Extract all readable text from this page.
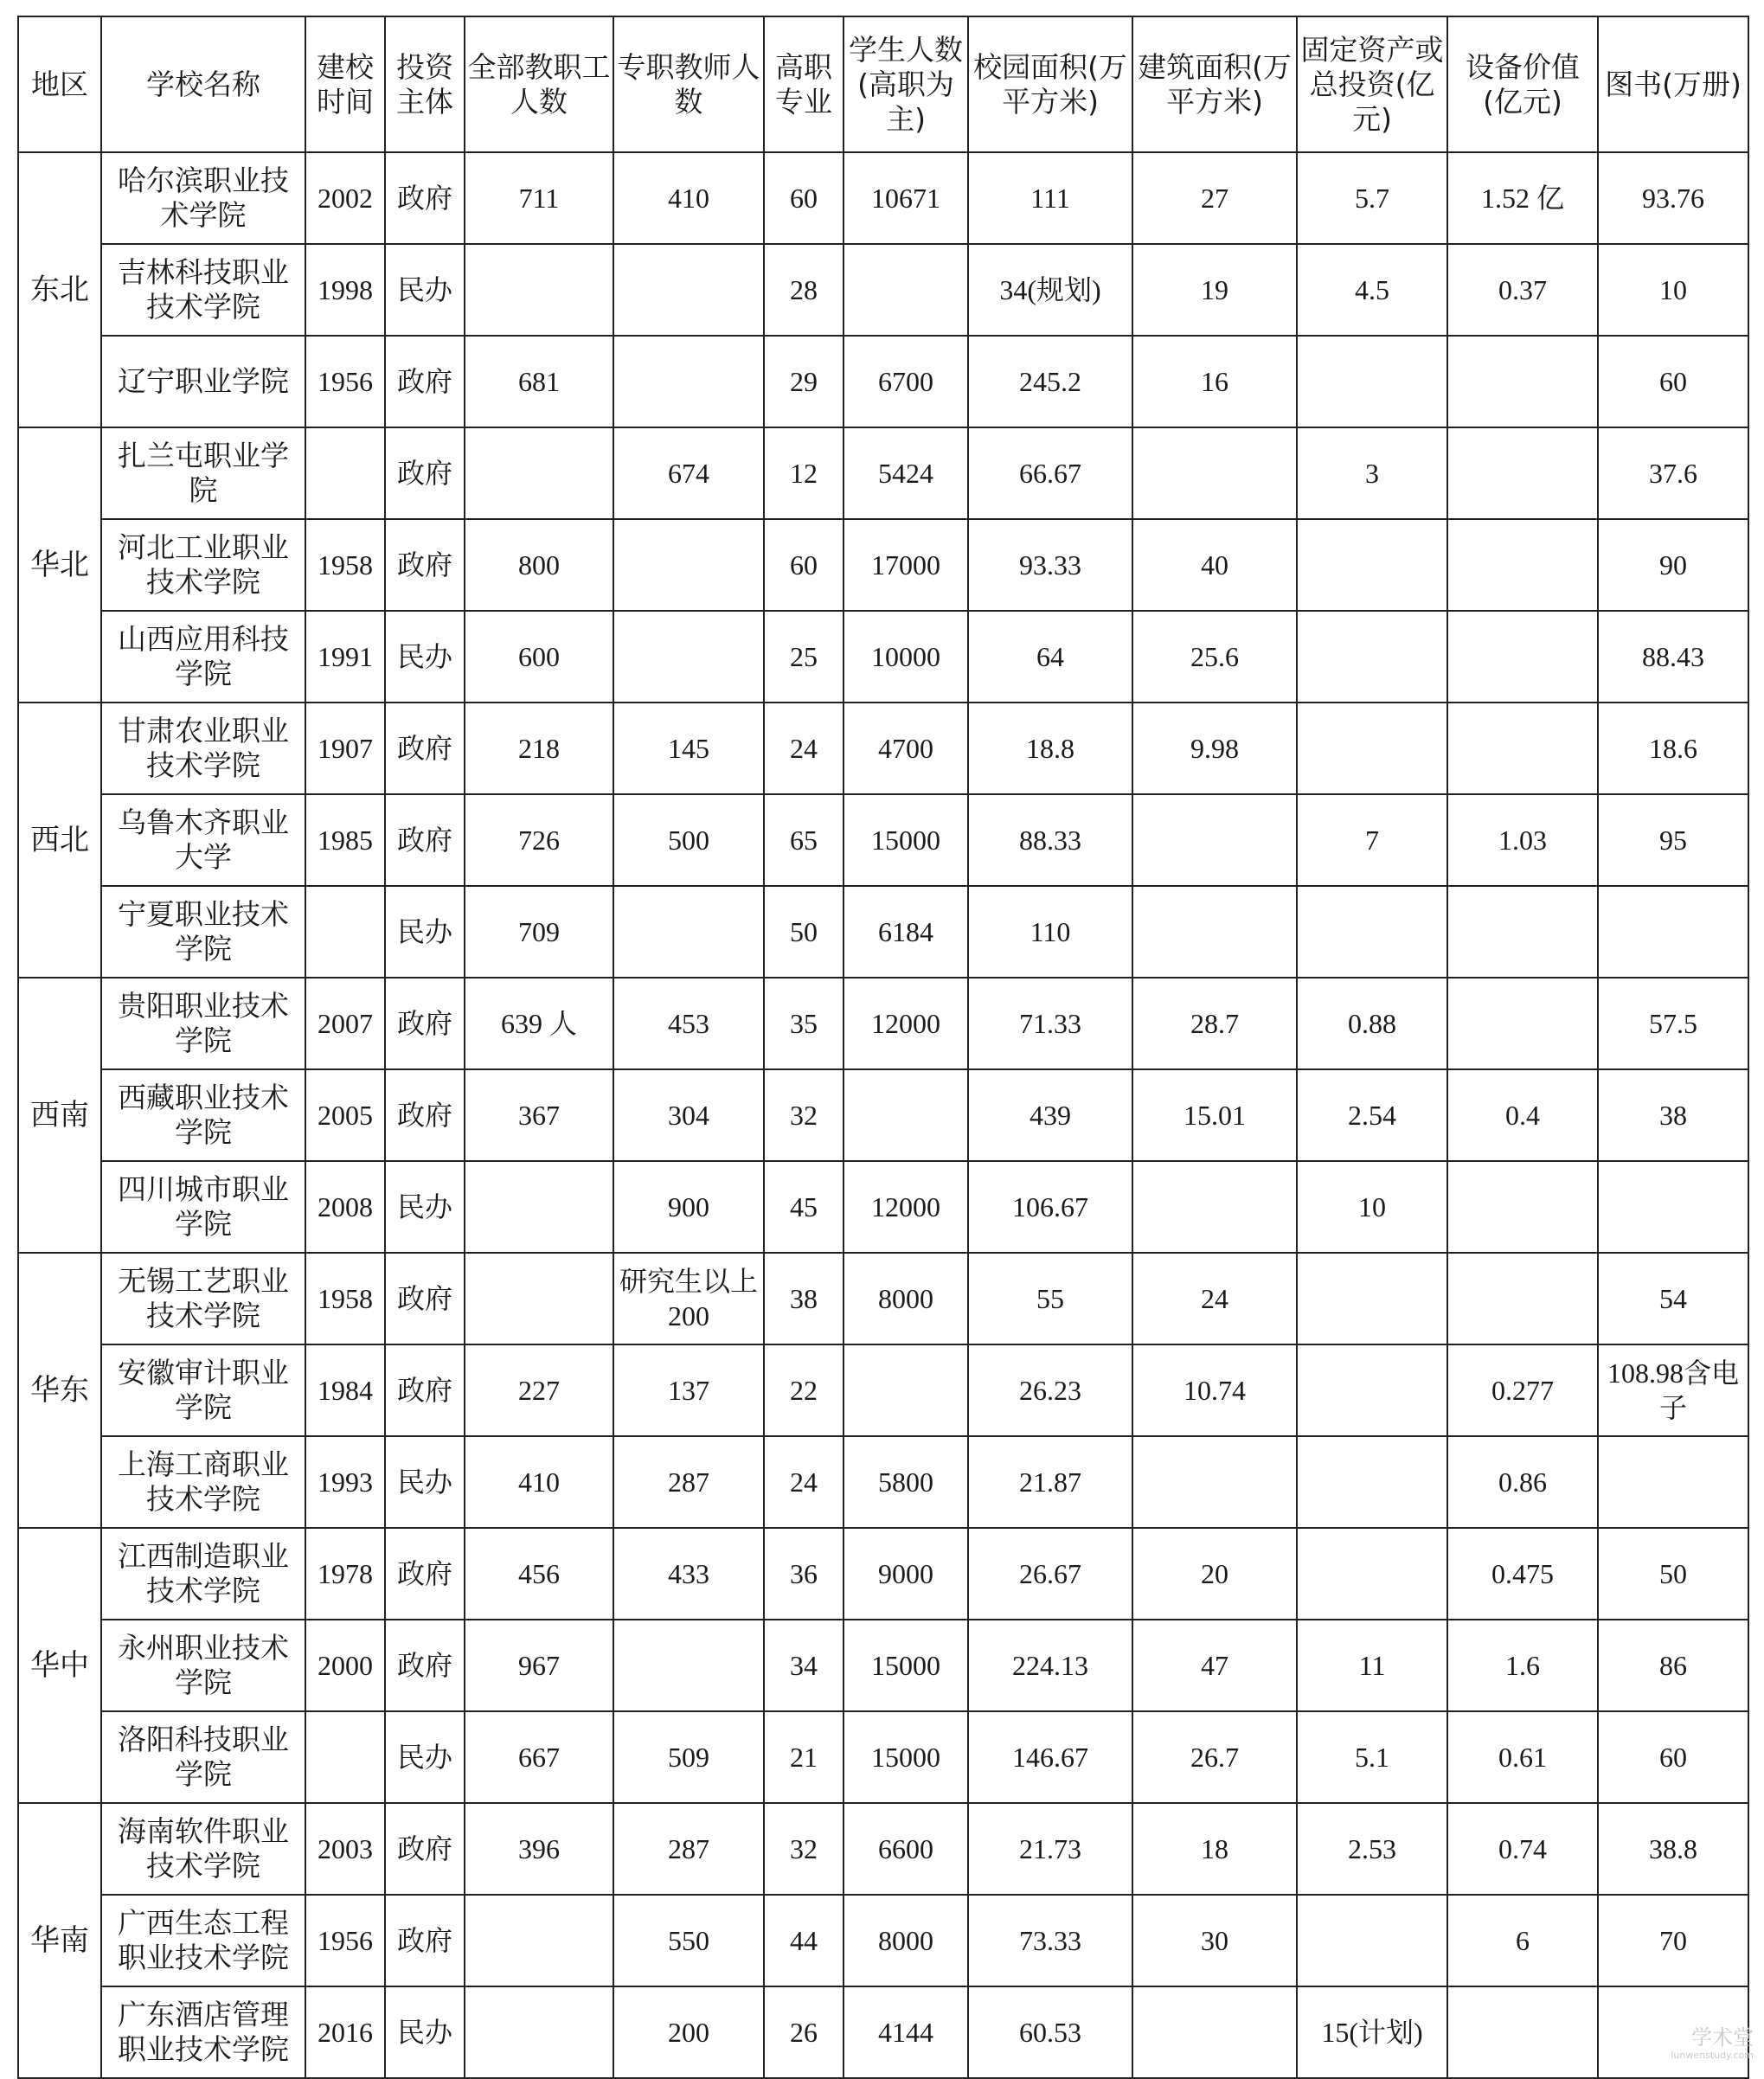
地区	学校名称	建校时间	投资主体	全部教职工人数	专职教师人数	高职专业	学生人数(高职为主)	校园面积(万平方米)	建筑面积(万平方米)	固定资产或总投资(亿元)	设备价值(亿元)	图书(万册)
东北	哈尔滨职业技术学院	2002	政府	711	410	60	10671	111	27	5.7	1.52 亿	93.76
	吉林科技职业技术学院	1998	民办			28		34(规划)	19	4.5	0.37	10
	辽宁职业学院	1956	政府	681		29	6700	245.2	16			60
华北	扎兰屯职业学院		政府		674	12	5424	66.67		3		37.6
	河北工业职业技术学院	1958	政府	800		60	17000	93.33	40			90
	山西应用科技学院	1991	民办	600		25	10000	64	25.6			88.43
西北	甘肃农业职业技术学院	1907	政府	218	145	24	4700	18.8	9.98			18.6
	乌鲁木齐职业大学	1985	政府	726	500	65	15000	88.33		7	1.03	95
	宁夏职业技术学院		民办	709		50	6184	110				
西南	贵阳职业技术学院	2007	政府	639 人	453	35	12000	71.33	28.7	0.88		57.5
	西藏职业技术学院	2005	政府	367	304	32		439	15.01	2.54	0.4	38
	四川城市职业学院	2008	民办		900	45	12000	106.67		10		
华东	无锡工艺职业技术学院	1958	政府		研究生以上 200	38	8000	55	24			54
	安徽审计职业学院	1984	政府	227	137	22		26.23	10.74		0.277	108.98含电子
	上海工商职业技术学院	1993	民办	410	287	24	5800	21.87			0.86	
华中	江西制造职业技术学院	1978	政府	456	433	36	9000	26.67	20		0.475	50
	永州职业技术学院	2000	政府	967		34	15000	224.13	47	11	1.6	86
	洛阳科技职业学院		民办	667	509	21	15000	146.67	26.7	5.1	0.61	60
华南	海南软件职业技术学院	2003	政府	396	287	32	6600	21.73	18	2.53	0.74	38.8
	广西生态工程职业技术学院	1956	政府		550	44	8000	73.33	30		6	70
	广东酒店管理职业技术学院	2016	民办		200	26	4144	60.53		15(计划)			学术堂
lunwenstudy.com
